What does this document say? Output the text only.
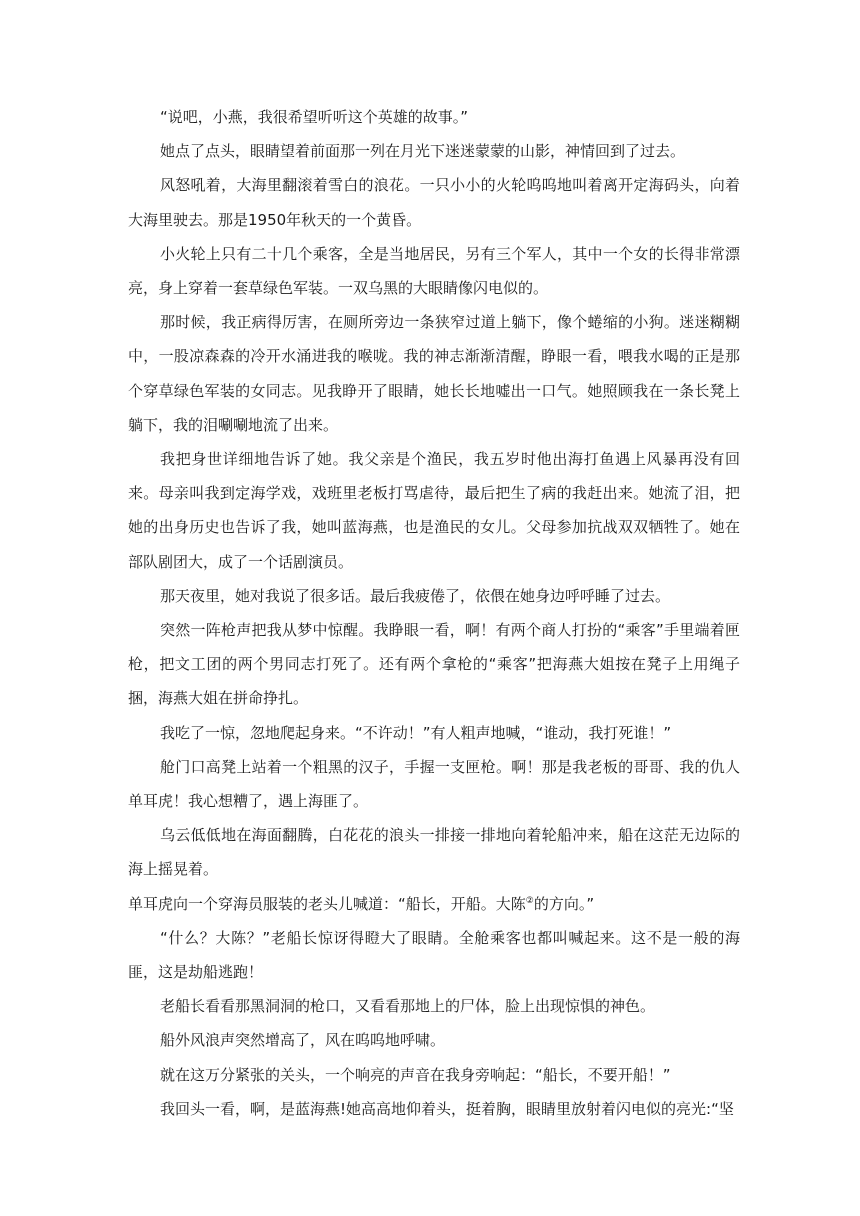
“说吧，小燕，我很希望听听这个英雄的故事。”

她点了点头，眼睛望着前面那一列在月光下迷迷蒙蒙的山影，神情回到了过去。

风怒吼着，大海里翻滚着雪白的浪花。一只小小的火轮呜呜地叫着离开定海码头，向着大海里驶去。那是1950年秋天的一个黄昏。

小火轮上只有二十几个乘客，全是当地居民，另有三个军人，其中一个女的长得非常漂亮，身上穿着一套草绿色军装。一双乌黑的大眼睛像闪电似的。

那时候，我正病得厉害，在厕所旁边一条狭窄过道上躺下，像个蜷缩的小狗。迷迷糊糊中，一股凉森森的冷开水涌进我的喉咙。我的神志渐渐清醒，睁眼一看，喂我水喝的正是那个穿草绿色军装的女同志。见我睁开了眼睛，她长长地嘘出一口气。她照顾我在一条长凳上躺下，我的泪唰唰地流了出来。

我把身世详细地告诉了她。我父亲是个渔民，我五岁时他出海打鱼遇上风暴再没有回来。母亲叫我到定海学戏，戏班里老板打骂虐待，最后把生了病的我赶出来。她流了泪，把她的出身历史也告诉了我，她叫蓝海燕，也是渔民的女儿。父母参加抗战双双牺牲了。她在部队剧团大，成了一个话剧演员。

那天夜里，她对我说了很多话。最后我疲倦了，依偎在她身边呼呼睡了过去。

突然一阵枪声把我从梦中惊醒。我睁眼一看，啊！有两个商人打扮的“乘客”手里端着匣枪，把文工团的两个男同志打死了。还有两个拿枪的“乘客”把海燕大姐按在凳子上用绳子捆，海燕大姐在拼命挣扎。

我吃了一惊，忽地爬起身来。“不许动！”有人粗声地喊，“谁动，我打死谁！”

舱门口高凳上站着一个粗黑的汉子，手握一支匣枪。啊！那是我老板的哥哥、我的仇人单耳虎！我心想糟了，遇上海匪了。

乌云低低地在海面翻腾，白花花的浪头一排接一排地向着轮船冲来，船在这茫无边际的海上摇晃着。

单耳虎向一个穿海员服装的老头儿喊道：“船长，开船。大陈②的方向。”

“什么？大陈？”老船长惊讶得瞪大了眼睛。全舱乘客也都叫喊起来。这不是一般的海匪，这是劫船逃跑！

老船长看看那黑洞洞的枪口，又看看那地上的尸体，脸上出现惊惧的神色。

船外风浪声突然增高了，风在呜呜地呼啸。

就在这万分紧张的关头，一个响亮的声音在我身旁响起：“船长，不要开船！”

我回头一看，啊，是蓝海燕!她高高地仰着头，挺着胸，眼睛里放射着闪电似的亮光:“坚
